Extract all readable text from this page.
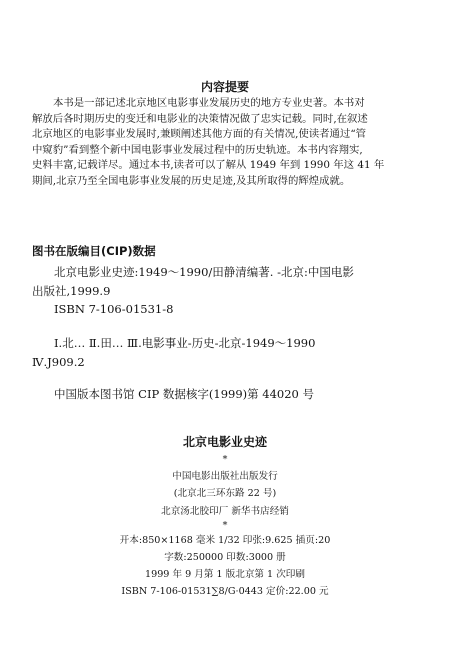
内容提要
本书是一部记述北京地区电影事业发展历史的地方专业史著。本书对
解放后各时期历史的变迁和电影业的决策情况做了忠实记载。同时,在叙述
北京地区的电影事业发展时,兼顾阐述其他方面的有关情况,使读者通过“管
中窥豹”看到整个新中国电影事业发展过程中的历史轨迹。本书内容翔实,
史料丰富,记载详尽。通过本书,读者可以了解从 1949 年到 1990 年这 41 年
期间,北京乃至全国电影事业发展的历史足迹,及其所取得的辉煌成就。
图书在版编目(CIP)数据
北京电影业史迹:1949～1990/田静清编著. -北京:中国电影
出版社,1999.9
ISBN 7-106-01531-8
Ⅰ.北… Ⅱ.田… Ⅲ.电影事业-历史-北京-1949～1990
Ⅳ.J909.2
中国版本图书馆 CIP 数据核字(1999)第 44020 号
北京电影业史迹
*
中国电影出版社出版发行
(北京北三环东路 22 号)
北京汤北胶印厂 新华书店经销
*
开本:850×1168 毫米 1/32 印张:9.625 插页:20
字数:250000 印数:3000 册
1999 年 9 月第 1 版北京第 1 次印刷
ISBN 7-106-01531∑8/G·0443 定价:22.00 元
